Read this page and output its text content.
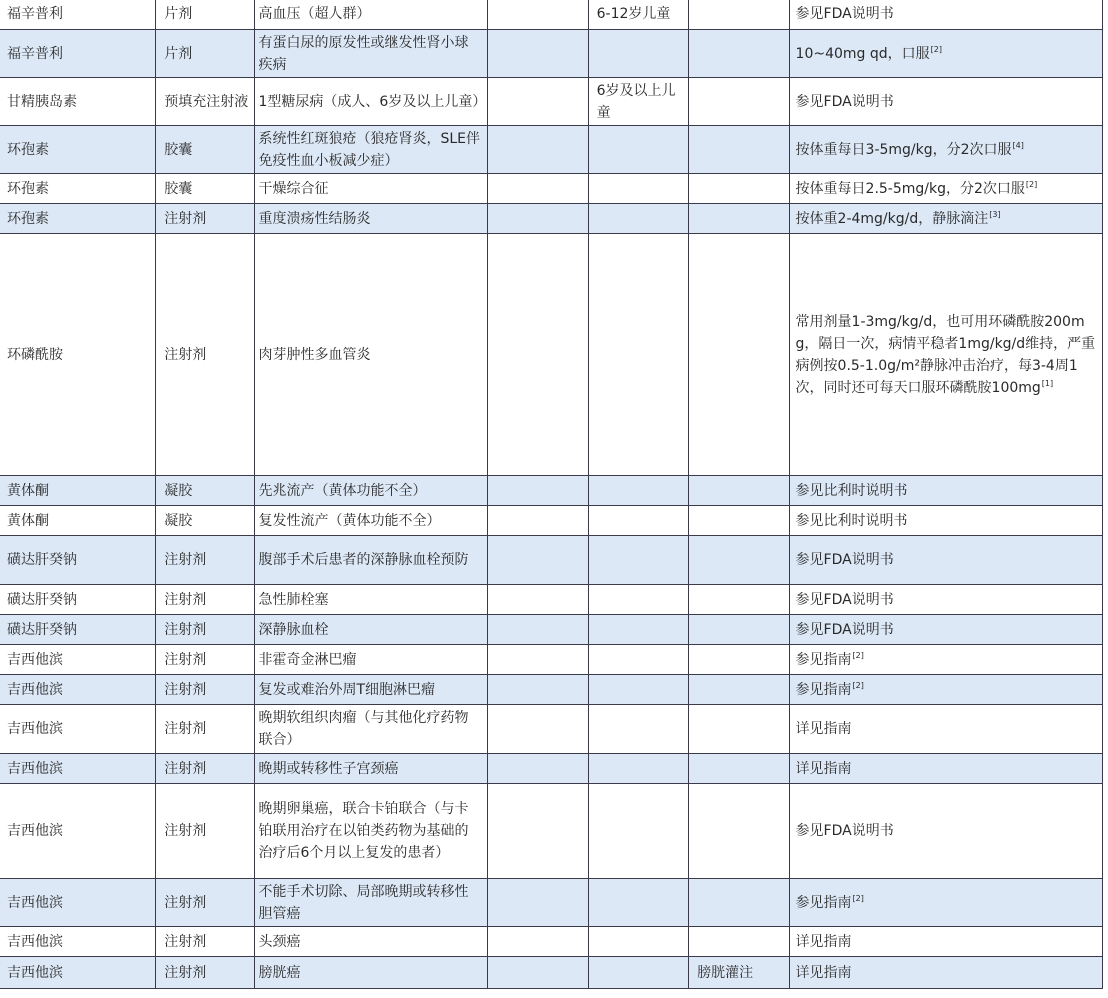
福辛普利	片剂	高血压（超人群）		6-12岁儿童		参见FDA说明书
福辛普利	片剂	有蛋白尿的原发性或继发性肾小球疾病				10~40mg qd，口服[2]
甘精胰岛素	预填充注射液	1型糖尿病（成人、6岁及以上儿童）		6岁及以上儿童		参见FDA说明书
环孢素	胶囊	系统性红斑狼疮（狼疮肾炎，SLE伴免疫性血小板减少症）				按体重每日3-5mg/kg，分2次口服[4]
环孢素	胶囊	干燥综合征				按体重每日2.5-5mg/kg，分2次口服[2]
环孢素	注射剂	重度溃疡性结肠炎				按体重2-4mg/kg/d，静脉滴注[3]
环磷酰胺	注射剂	肉芽肿性多血管炎				常用剂量1-3mg/kg/d，也可用环磷酰胺200mg，隔日一次，病情平稳者1mg/kg/d维持，严重病例按0.5-1.0g/m²静脉冲击治疗，每3-4周1次，同时还可每天口服环磷酰胺100mg[1]
黄体酮	凝胶	先兆流产（黄体功能不全）				参见比利时说明书
黄体酮	凝胶	复发性流产（黄体功能不全）				参见比利时说明书
磺达肝癸钠	注射剂	腹部手术后患者的深静脉血栓预防				参见FDA说明书
磺达肝癸钠	注射剂	急性肺栓塞				参见FDA说明书
磺达肝癸钠	注射剂	深静脉血栓				参见FDA说明书
吉西他滨	注射剂	非霍奇金淋巴瘤				参见指南[2]
吉西他滨	注射剂	复发或难治外周T细胞淋巴瘤				参见指南[2]
吉西他滨	注射剂	晚期软组织肉瘤（与其他化疗药物联合）				详见指南
吉西他滨	注射剂	晚期或转移性子宫颈癌				详见指南
吉西他滨	注射剂	晚期卵巢癌，联合卡铂联合（与卡铂联用治疗在以铂类药物为基础的治疗后6个月以上复发的患者）				参见FDA说明书
吉西他滨	注射剂	不能手术切除、局部晚期或转移性胆管癌				参见指南[2]
吉西他滨	注射剂	头颈癌				详见指南
吉西他滨	注射剂	膀胱癌			膀胱灌注	详见指南
